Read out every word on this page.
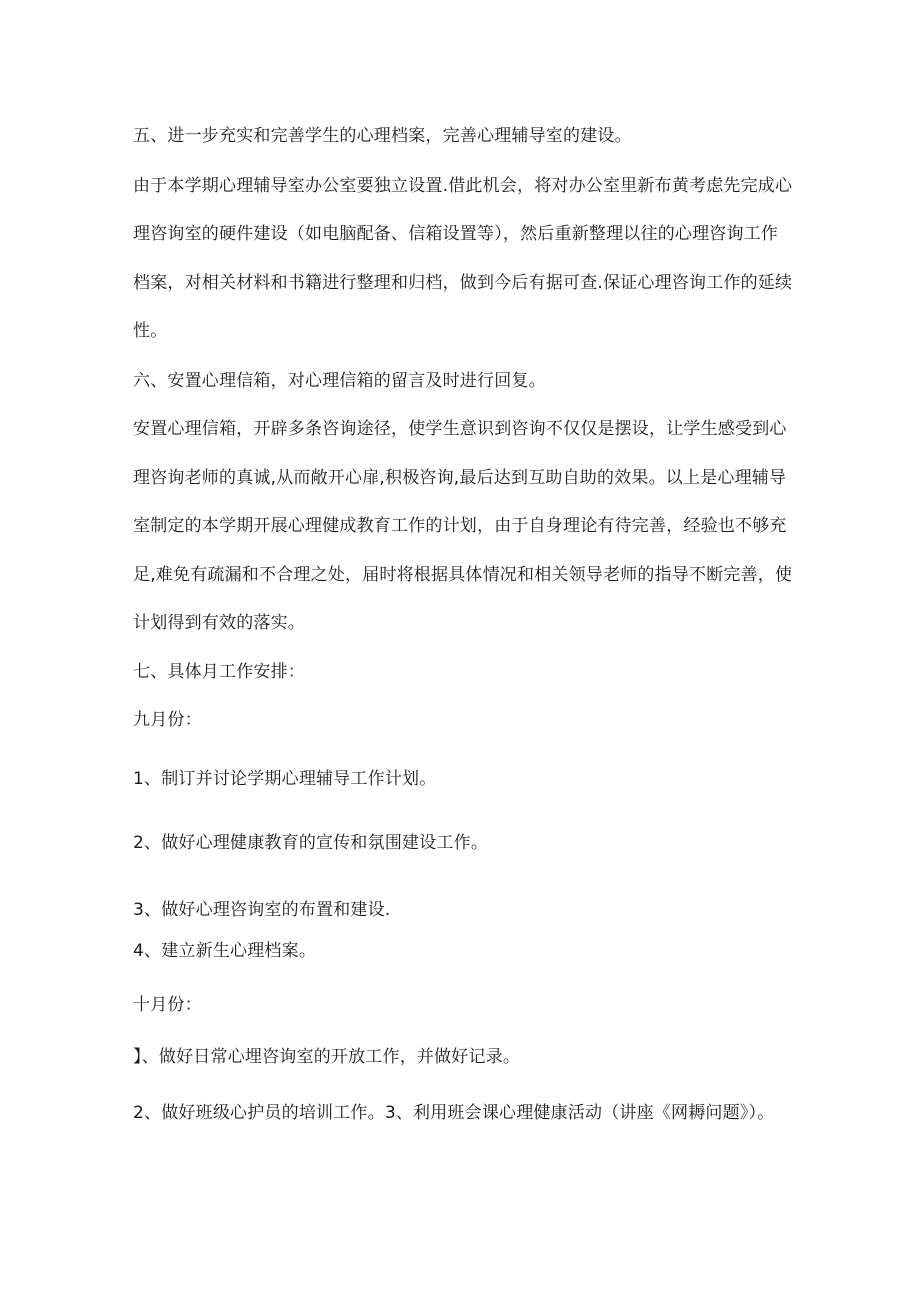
五、进一步充实和完善学生的心理档案，完善心理辅导室的建设。
由于本学期心理辅导室办公室要独立设置.借此机会，将对办公室里新布黄考虑先完成心
理咨询室的硬件建设（如电脑配备、信箱设置等），然后重新整理以往的心理咨询工作
档案，对相关材料和书籍进行整理和归档，做到今后有据可查.保证心理咨询工作的延续
性。
六、安置心理信箱，对心理信箱的留言及时进行回复。
安置心理信箱，开辟多条咨询途径，使学生意识到咨询不仅仅是摆设，让学生感受到心
理咨询老师的真诚,从而敞开心扉,积极咨询,最后达到互助自助的效果。以上是心理辅导
室制定的本学期开展心理健成教育工作的计划，由于自身理论有待完善，经验也不够充
足,难免有疏漏和不合理之处，届时将根据具体情况和相关领导老师的指导不断完善，使
计划得到有效的落实。
七、具体月工作安排：
九月份：
1、制订并讨论学期心理辅导工作计划。
2、做好心理健康教育的宣传和氛围建设工作。
3、做好心理咨询室的布置和建设.
4、建立新生心理档案。
十月份：
】、做好日常心埋咨询室的开放工作，并做好记录。
2、做好班级心护员的培训工作。3、利用班会课心理健康活动（讲座《网耨问题》）。
